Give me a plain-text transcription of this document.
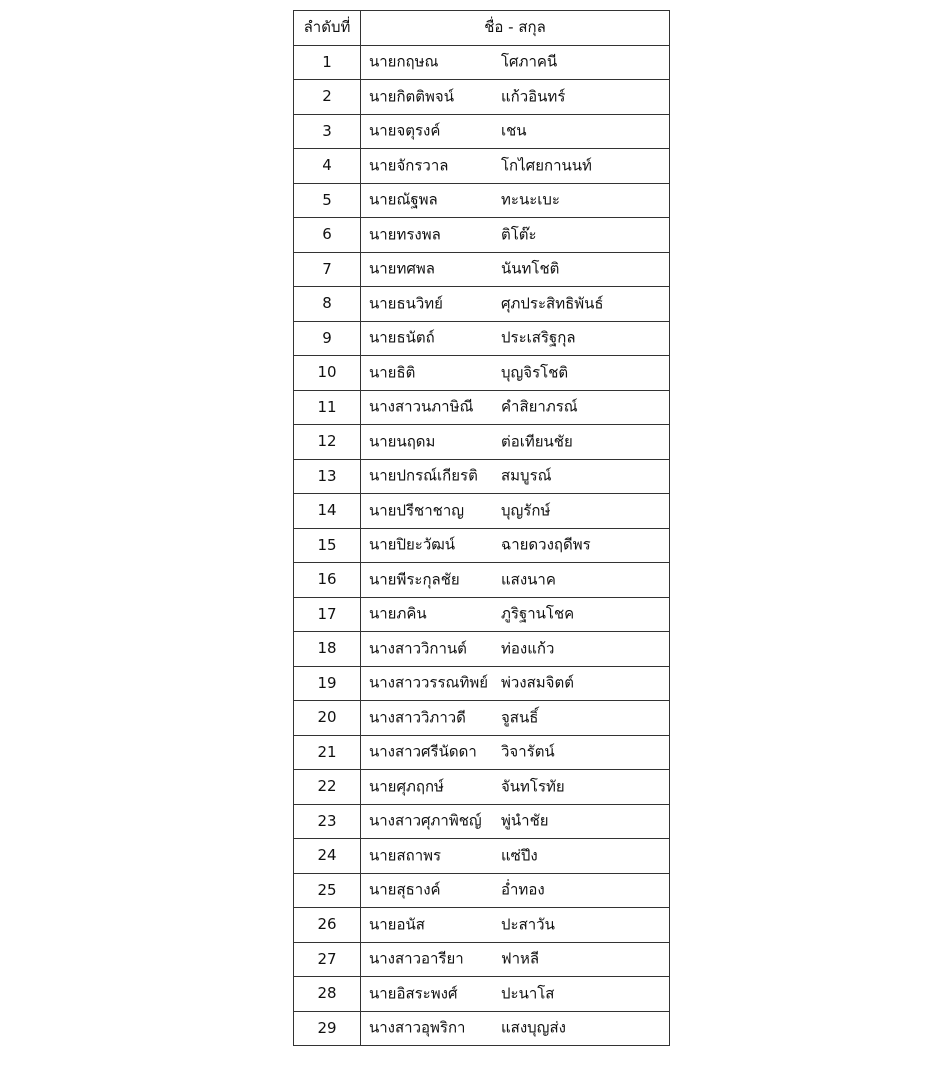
ลำดับที่	ชื่อ - สกุล
1	นายกฤษณ โศภาคนี

2	นายกิตติพจน์ แก้วอินทร์

3	นายจตุรงค์ เชน

4	นายจักรวาล โกไศยกานนท์

5	นายณัฐพล ทะนะเบะ

6	นายทรงพล ติโต๊ะ

7	นายทศพล นันทโชติ

8	นายธนวิทย์ ศุภประสิทธิพันธ์

9	นายธนัตถ์ ประเสริฐกุล

10	นายธิติ บุญจิรโชติ

11	นางสาวนภาษิณี คำสิยาภรณ์

12	นายนฤดม ต่อเทียนชัย

13	นายปกรณ์เกียรติ สมบูรณ์

14	นายปรีชาชาญ บุญรักษ์

15	นายปิยะวัฒน์ ฉายดวงฤดีพร

16	นายพีระกุลชัย แสงนาค

17	นายภคิน ภูริฐานโชค

18	นางสาววิกานต์ ท่องแก้ว

19	นางสาววรรณทิพย์ พ่วงสมจิตต์

20	นางสาววิภาวดี จูสนธิ์

21	นางสาวศรีนัดดา วิจารัตน์

22	นายศุภฤกษ์ จันทโรทัย

23	นางสาวศุภาพิชญ์ พู่นำชัย

24	นายสถาพร แซ่ปึง

25	นายสุธางค์ อ่ำทอง

26	นายอนัส ปะสาวัน

27	นางสาวอารียา ฟาหลี

28	นายอิสระพงศ์ ปะนาโส

29	นางสาวอุพริกา แสงบุญส่ง
